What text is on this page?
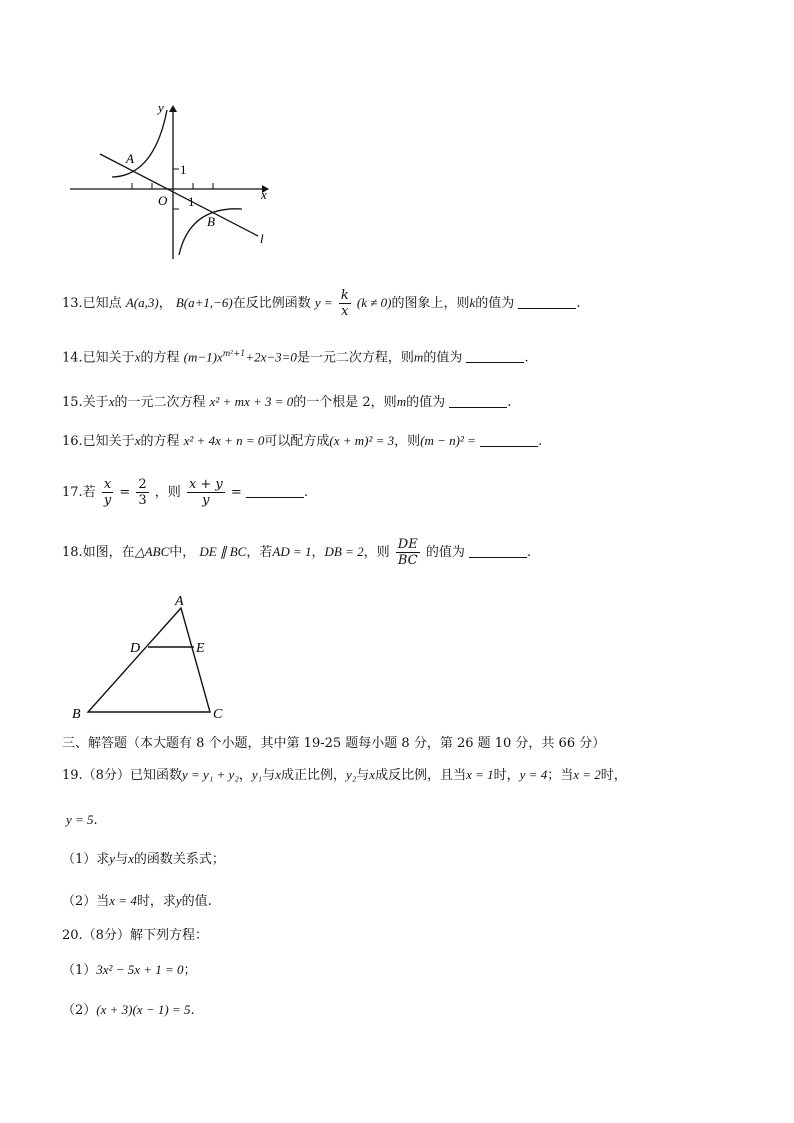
y
x
1
1
O
A
B
l
13.已知点 A(a,3)， B(a+1,−6)在反比例函数 $y = \frac{k}{x} (k \ne 0)$的图象上，则k的值为	.
14.已知关于x的方程 $(m-1)x^{m^2+1}+2x-3=0$是一元二次方程，则m的值为	.
15.关于x的一元二次方程 x² + mx + 3 = 0的一个根是 2，则m的值为	.
16.已知关于x的方程 x² + 4x + n = 0可以配方成(x + m)² = 3，则(m − n)² =	.
17.若 $\frac{x}{y} = \frac{2}{3}$ ，则 $\frac{x + y}{y}$ =	.
18.如图，在△ABC中， DE ∥ BC，若AD = 1，DB = 2，则 $\frac{DE}{BC}$ 的值为	.
A
D	E
B	C
三、解答题（本大题有 8 个小题，其中第 19-25 题每小题 8 分，第 26 题 10 分，共 66 分）
19.（8分）已知函数y = y₁ + y₂，y₁与x成正比例，y₂与x成反比例，且当x = 1时，y = 4；当x = 2时，
y = 5.
（1）求y与x的函数关系式；
（2）当x = 4时，求y的值.
20.（8分）解下列方程：
（1）3x² − 5x + 1 = 0；
（2）(x + 3)(x − 1) = 5.
